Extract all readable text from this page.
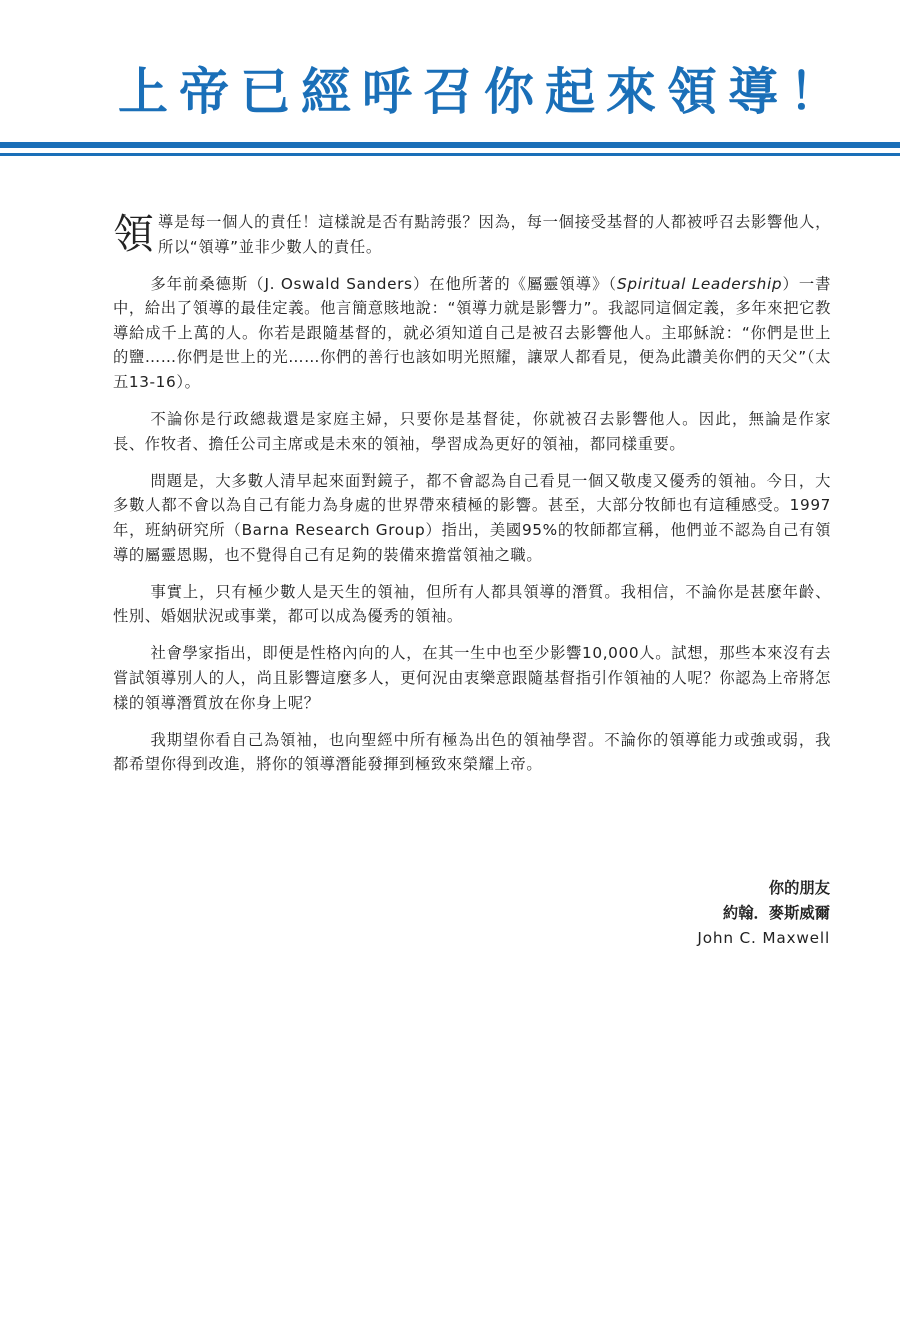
上帝已經呼召你起來領導！

領導是每一個人的責任！這樣說是否有點誇張？因為，每一個接受基督的人都被呼召去影響他人，所以“領導”並非少數人的責任。

多年前桑德斯（J. Oswald Sanders）在他所著的《屬靈領導》（Spiritual Leadership）一書中，給出了領導的最佳定義。他言簡意賅地說：“領導力就是影響力”。我認同這個定義，多年來把它教導給成千上萬的人。你若是跟隨基督的，就必須知道自己是被召去影響他人。主耶穌說：“你們是世上的鹽……你們是世上的光……你們的善行也該如明光照耀，讓眾人都看見，便為此讚美你們的天父”（太五13-16）。

不論你是行政總裁還是家庭主婦，只要你是基督徒，你就被召去影響他人。因此，無論是作家長、作牧者、擔任公司主席或是未來的領袖，學習成為更好的領袖，都同樣重要。

問題是，大多數人清早起來面對鏡子，都不會認為自己看見一個又敬虔又優秀的領袖。今日，大多數人都不會以為自己有能力為身處的世界帶來積極的影響。甚至，大部分牧師也有這種感受。1997年，班納研究所（Barna Research Group）指出，美國95%的牧師都宣稱，他們並不認為自己有領導的屬靈恩賜，也不覺得自己有足夠的裝備來擔當領袖之職。

事實上，只有極少數人是天生的領袖，但所有人都具領導的潛質。我相信，不論你是甚麼年齡、性別、婚姻狀況或事業，都可以成為優秀的領袖。

社會學家指出，即便是性格內向的人，在其一生中也至少影響10,000人。試想，那些本來沒有去嘗試領導別人的人，尚且影響這麼多人，更何況由衷樂意跟隨基督指引作領袖的人呢？你認為上帝將怎樣的領導潛質放在你身上呢？

我期望你看自己為領袖，也向聖經中所有極為出色的領袖學習。不論你的領導能力或強或弱，我都希望你得到改進，將你的領導潛能發揮到極致來榮耀上帝。

你的朋友
約翰．麥斯威爾
John C. Maxwell
